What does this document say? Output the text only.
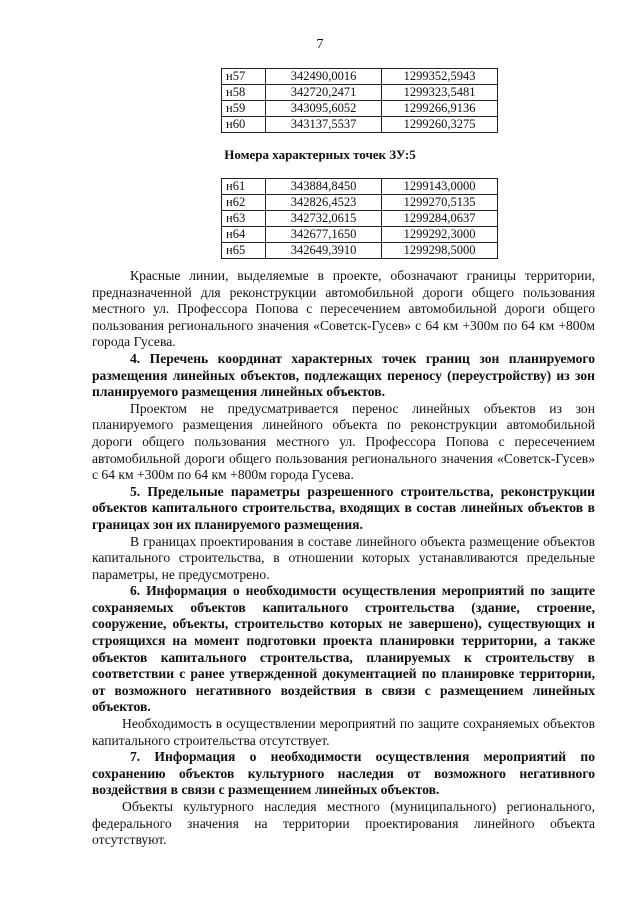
7
н57	342490,0016	1299352,5943
н58	342720,2471	1299323,5481
н59	343095,6052	1299266,9136
н60	343137,5537	1299260,3275
Номера характерных точек ЗУ:5
н61	343884,8450	1299143,0000
н62	342826,4523	1299270,5135
н63	342732,0615	1299284,0637
н64	342677,1650	1299292,3000
н65	342649,3910	1299298,5000

Красные линии, выделяемые в проекте, обозначают границы территории, предназначенной для реконструкции автомобильной дороги общего пользования местного ул. Профессора Попова с пересечением автомобильной дороги общего пользования регионального значения «Советск-Гусев» с 64 км +300м по 64 км +800м города Гусева.

4. Перечень координат характерных точек границ зон планируемого размещения линейных объектов, подлежащих переносу (переустройству) из зон планируемого размещения линейных объектов.

Проектом не предусматривается перенос линейных объектов из зон планируемого размещения линейного объекта по реконструкции автомобильной дороги общего пользования местного ул. Профессора Попова с пересечением автомобильной дороги общего пользования регионального значения «Советск-Гусев» с 64 км +300м по 64 км +800м города Гусева.

5. Предельные параметры разрешенного строительства, реконструкции объектов капитального строительства, входящих в состав линейных объектов в границах зон их планируемого размещения.

В границах проектирования в составе линейного объекта размещение объектов капитального строительства, в отношении которых устанавливаются предельные параметры, не предусмотрено.

6. Информация о необходимости осуществления мероприятий по защите сохраняемых объектов капитального строительства (здание, строение, сооружение, объекты, строительство которых не завершено), существующих и строящихся на момент подготовки проекта планировки территории, а также объектов капитального строительства, планируемых к строительству в соответствии с ранее утвержденной документацией по планировке территории, от возможного негативного воздействия в связи с размещением линейных объектов.

Необходимость в осуществлении мероприятий по защите сохраняемых объектов капитального строительства отсутствует.

7. Информация о необходимости осуществления мероприятий по сохранению объектов культурного наследия от возможного негативного воздействия в связи с размещением линейных объектов.

Объекты культурного наследия местного (муниципального) регионального, федерального значения на территории проектирования линейного объекта отсутствуют.
